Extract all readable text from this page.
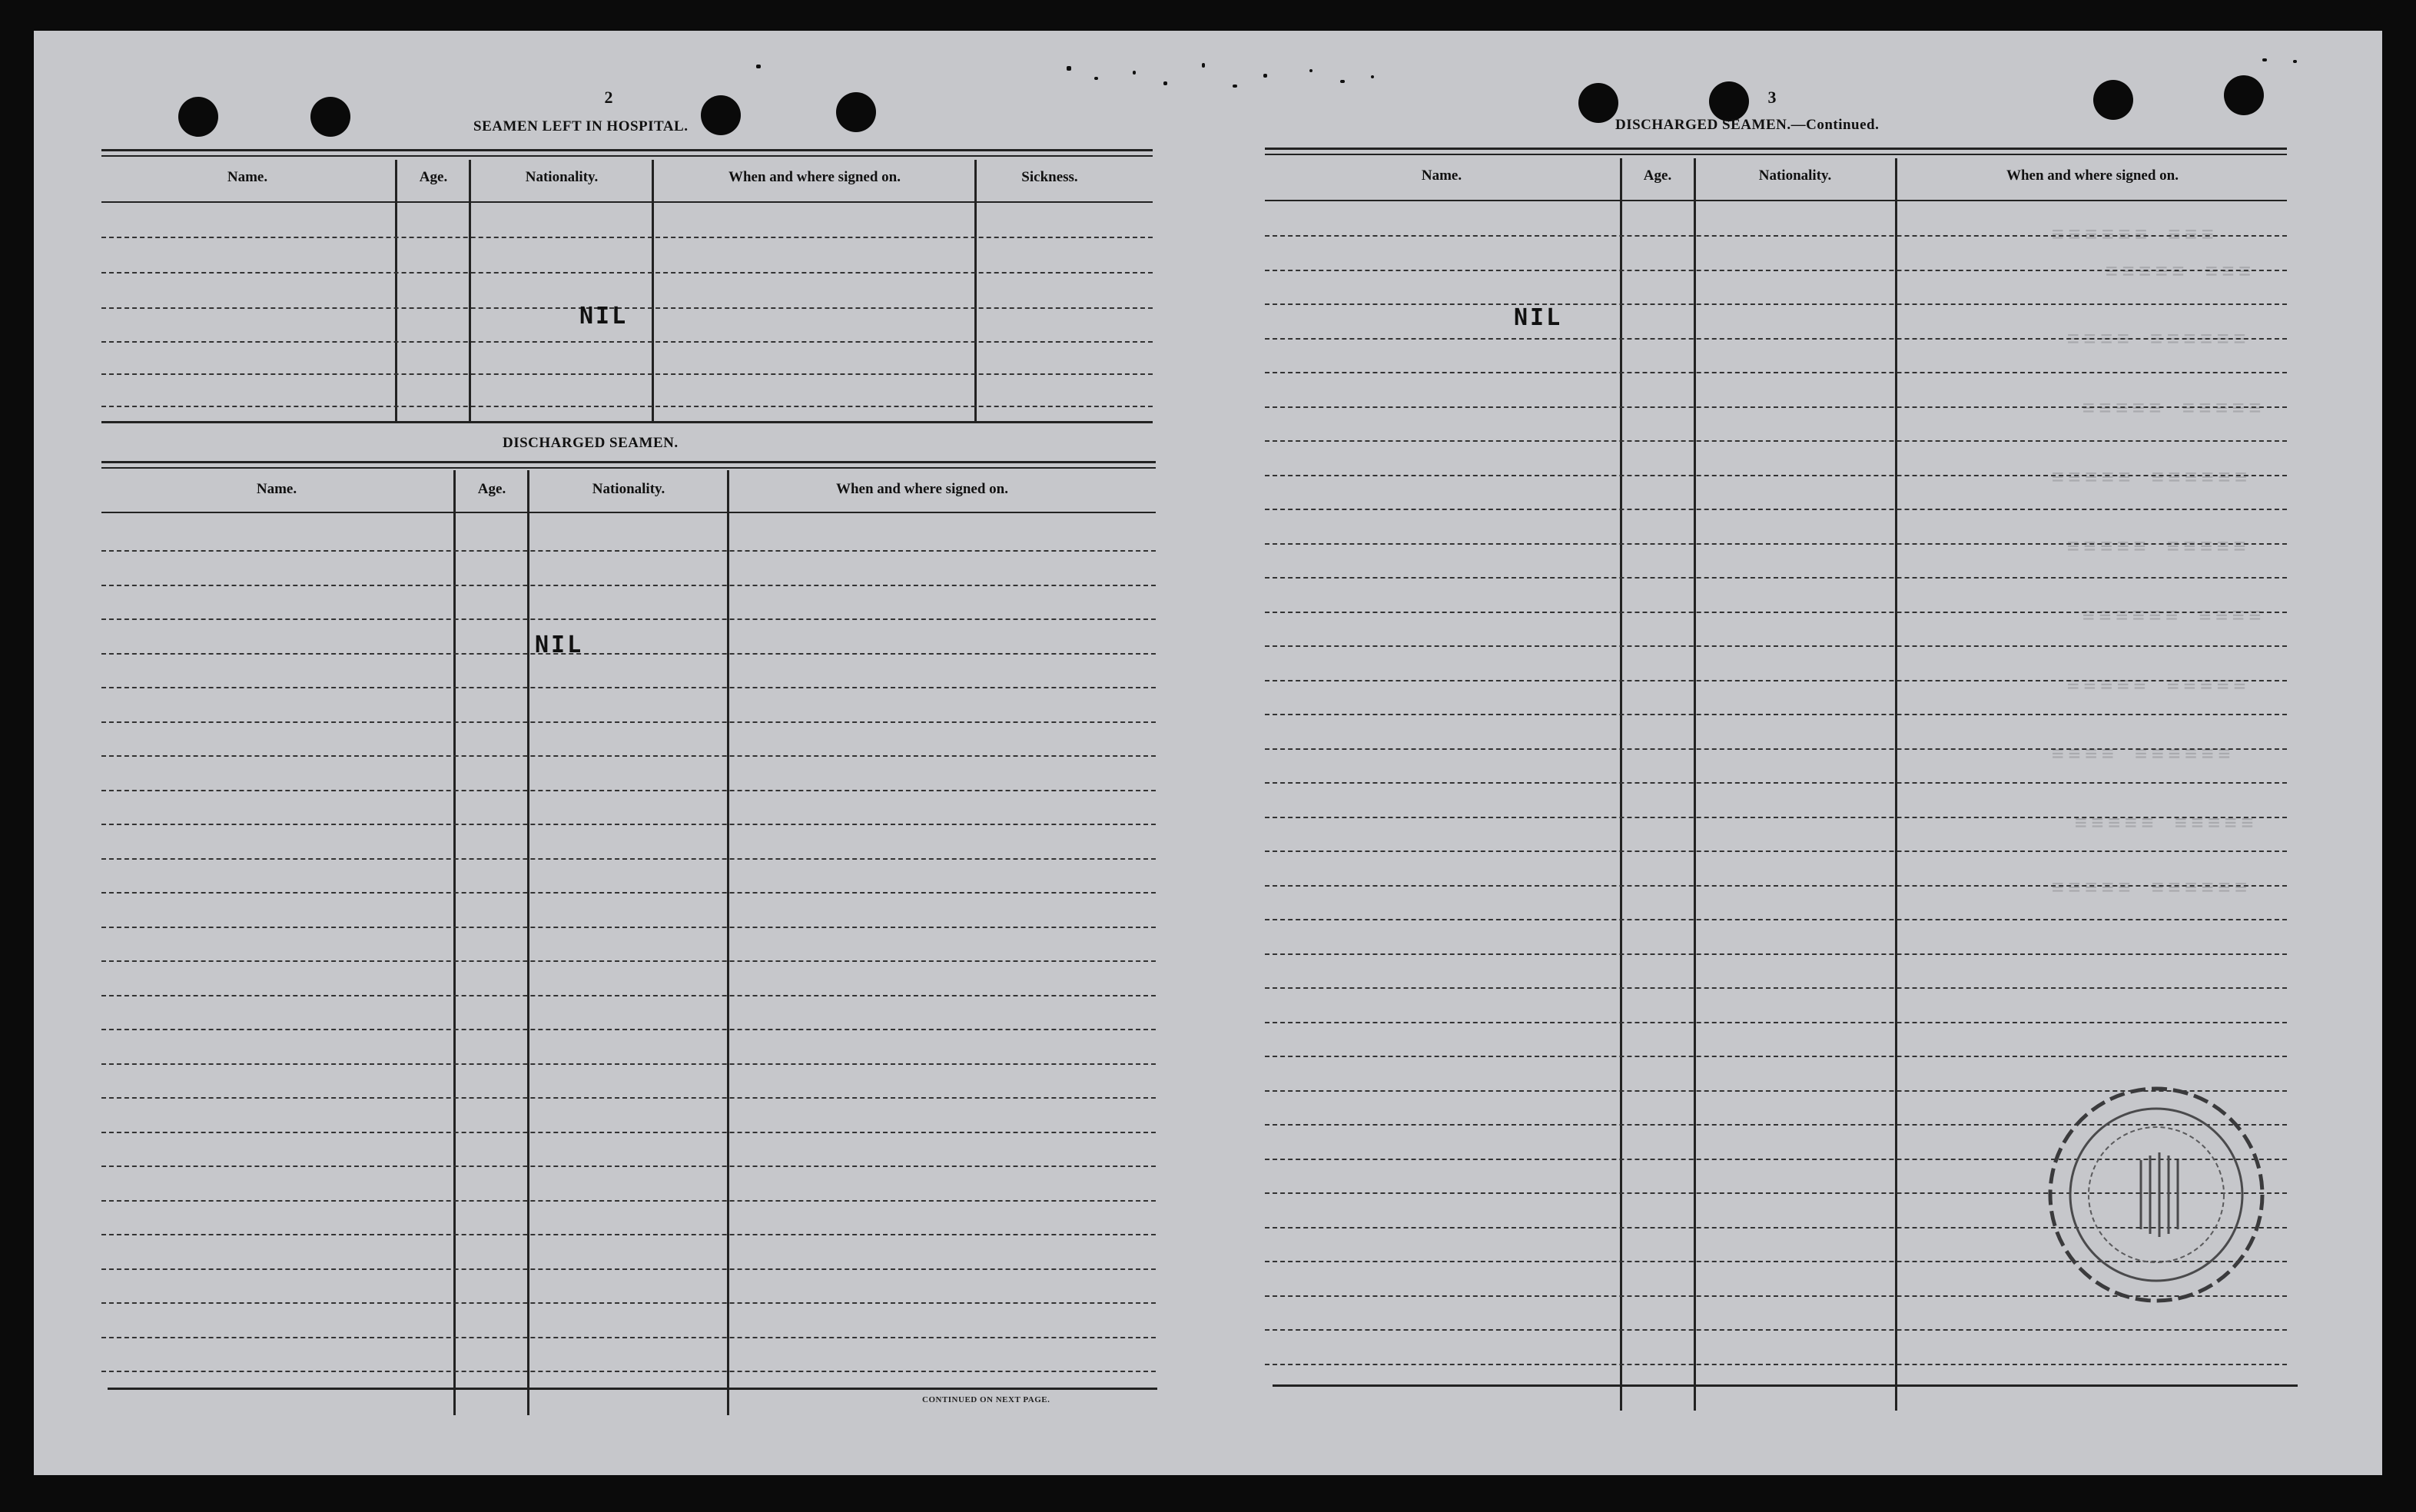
≡≡≡ ≡≡≡≡≡≡
≡≡≡ ≡≡≡≡≡
≡≡≡≡≡≡ ≡≡≡≡
≡≡≡≡≡ ≡≡≡≡≡
≡≡≡≡≡≡ ≡≡≡≡≡
≡≡≡≡≡ ≡≡≡≡≡
≡≡≡≡ ≡≡≡≡≡≡
≡≡≡≡≡ ≡≡≡≡≡
≡≡≡≡≡≡ ≡≡≡≡
≡≡≡≡≡ ≡≡≡≡≡
≡≡≡≡≡≡ ≡≡≡≡≡
2
SEAMEN LEFT IN HOSPITAL.
Name.	Age.	Nationality.	When and where signed on.	Sickness.
NIL
DISCHARGED SEAMEN.
Name.	Age.	Nationality.	When and where signed on.
NIL
CONTINUED ON NEXT PAGE.
3
DISCHARGED SEAMEN.—Continued.
Name.	Age.	Nationality.	When and where signed on.
NIL
